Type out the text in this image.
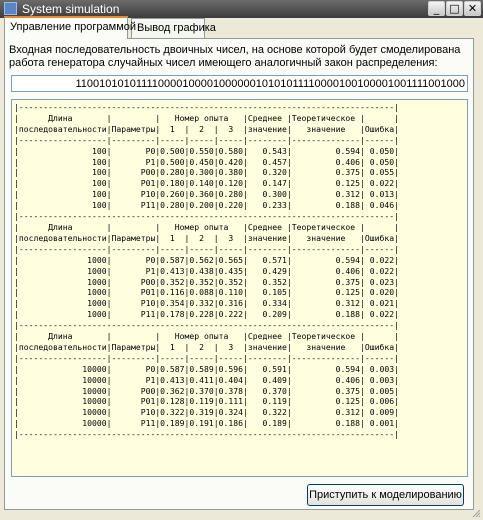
System simulation	_ □ ✕
Управление программой Вывод графика
Входная последовательность двоичных чисел, на основе которой будет смоделирована работа генератора случайных чисел имеющего аналогичный закон распределения:
11001010101111000010000100000010101011110000100100001001111001000
|-----------------------------------------------------------------------------|
|      Длина       |         |   Номер опыта   |Среднее |Теоретическое |      |
|последовательности|Параметры|  1  |  2  |  3  |значение|   значение   |Ошибка|
|------------------|---------|-----|-----|-----|--------|--------------|------|
|               100|       P0|0.500|0.550|0.580|   0.543|         0.594| 0.050|
|               100|       P1|0.500|0.450|0.420|   0.457|         0.406| 0.050|
|               100|      P00|0.280|0.300|0.380|   0.320|         0.375| 0.055|
|               100|      P01|0.180|0.140|0.120|   0.147|         0.125| 0.022|
|               100|      P10|0.260|0.360|0.280|   0.300|         0.312| 0.013|
|               100|      P11|0.280|0.200|0.220|   0.233|         0.188| 0.046|
|-----------------------------------------------------------------------------|
|      Длина       |         |   Номер опыта   |Среднее |Теоретическое |      |
|последовательности|Параметры|  1  |  2  |  3  |значение|   значение   |Ошибка|
|------------------|---------|-----|-----|-----|--------|--------------|------|
|              1000|       P0|0.587|0.562|0.565|   0.571|         0.594| 0.022|
|              1000|       P1|0.413|0.438|0.435|   0.429|         0.406| 0.022|
|              1000|      P00|0.352|0.352|0.352|   0.352|         0.375| 0.023|
|              1000|      P01|0.116|0.088|0.110|   0.105|         0.125| 0.020|
|              1000|      P10|0.354|0.332|0.316|   0.334|         0.312| 0.021|
|              1000|      P11|0.178|0.228|0.222|   0.209|         0.188| 0.022|
|-----------------------------------------------------------------------------|
|      Длина       |         |   Номер опыта   |Среднее |Теоретическое |      |
|последовательности|Параметры|  1  |  2  |  3  |значение|   значение   |Ошибка|
|------------------|---------|-----|-----|-----|--------|--------------|------|
|             10000|       P0|0.587|0.589|0.596|   0.591|         0.594| 0.003|
|             10000|       P1|0.413|0.411|0.404|   0.409|         0.406| 0.003|
|             10000|      P00|0.362|0.370|0.378|   0.370|         0.375| 0.005|
|             10000|      P01|0.128|0.119|0.111|   0.119|         0.125| 0.006|
|             10000|      P10|0.322|0.319|0.324|   0.322|         0.312| 0.009|
|             10000|      P11|0.189|0.191|0.186|   0.189|         0.188| 0.001|
|-----------------------------------------------------------------------------|
Приступить к моделированию
